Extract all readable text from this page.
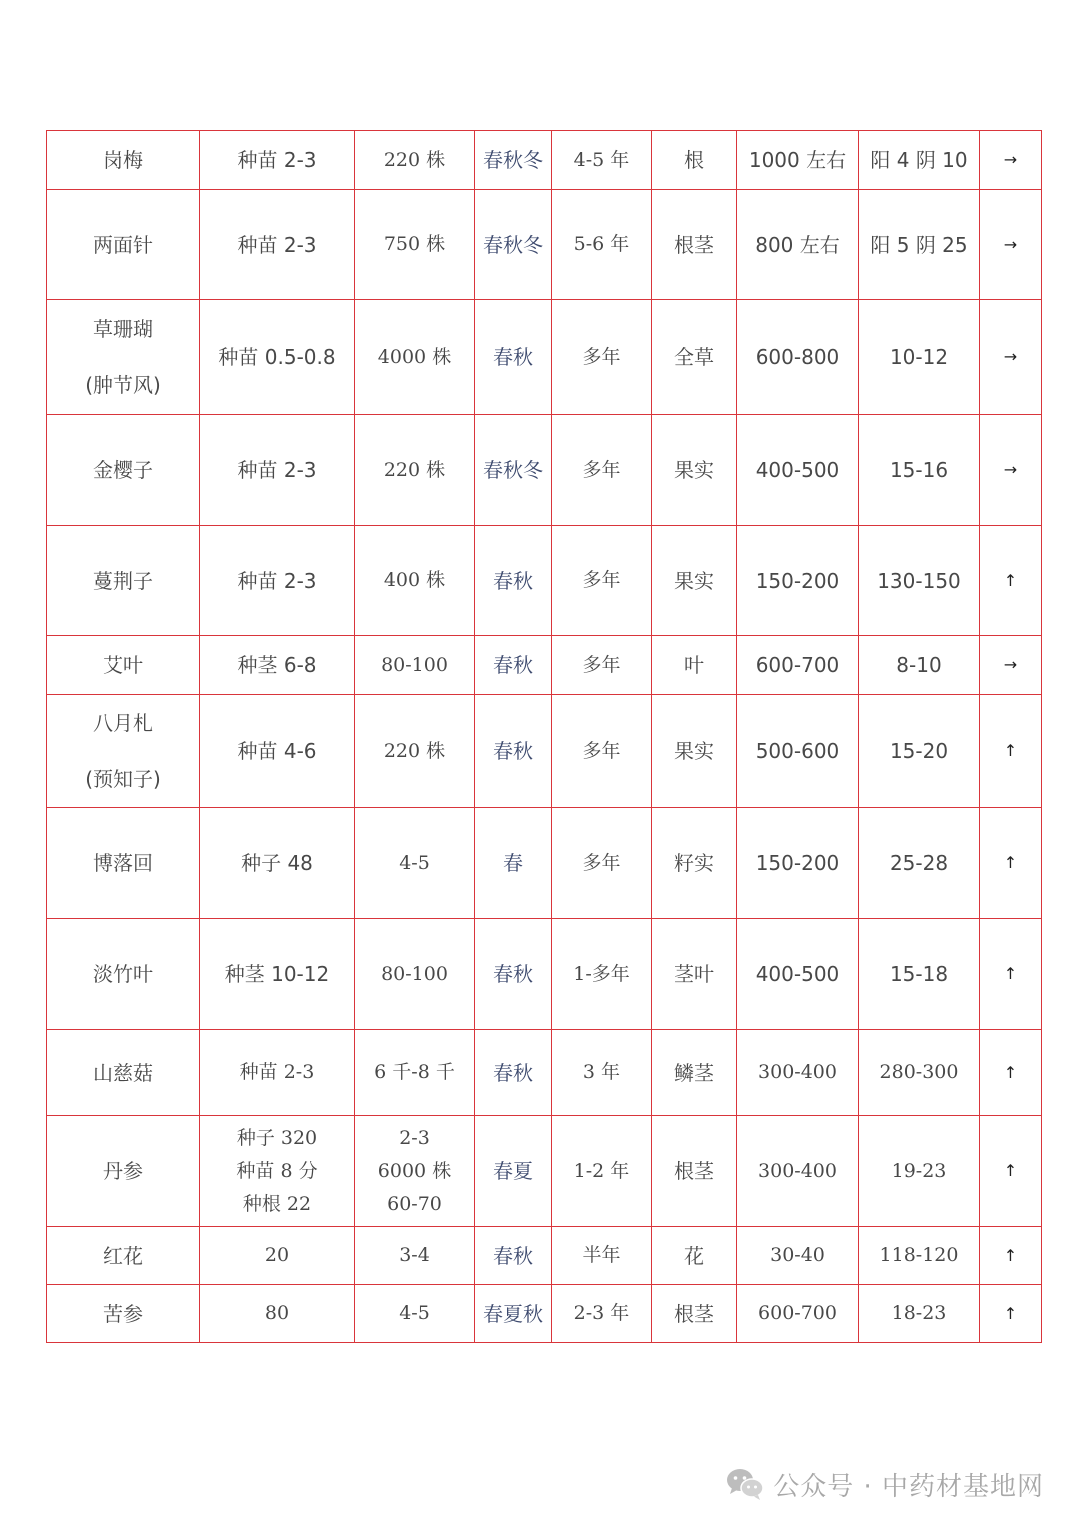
岗梅	种苗 2-3	220 株	春秋冬	4-5 年	根	1000 左右	阳 4 阴 10	→

两面针	种苗 2-3	750 株	春秋冬	5-6 年	根茎	800 左右	阳 5 阴 25	→

草珊瑚
(肿节风)	种苗 0.5-0.8	4000 株	春秋	多年	全草	600-800	10-12	→

金樱子	种苗 2-3	220 株	春秋冬	多年	果实	400-500	15-16	→

蔓荆子	种苗 2-3	400 株	春秋	多年	果实	150-200	130-150	↑

艾叶	种茎 6-8	80-100	春秋	多年	叶	600-700	8-10	→

八月札
(预知子)	种苗 4-6	220 株	春秋	多年	果实	500-600	15-20	↑

博落回	种子 48	4-5	春	多年	籽实	150-200	25-28	↑

淡竹叶	种茎 10-12	80-100	春秋	1-多年	茎叶	400-500	15-18	↑

山慈菇	种苗 2-3	6 千-8 千	春秋	3 年	鳞茎	300-400	280-300	↑

丹参	种子 320
种苗 8 分
种根 22	2-3
6000 株
60-70	春夏	1-2 年	根茎	300-400	19-23	↑

红花	20	3-4	春秋	半年	花	30-40	118-120	↑

苦参	80	4-5	春夏秋	2-3 年	根茎	600-700	18-23	↑
公众号 · 中药材基地网
